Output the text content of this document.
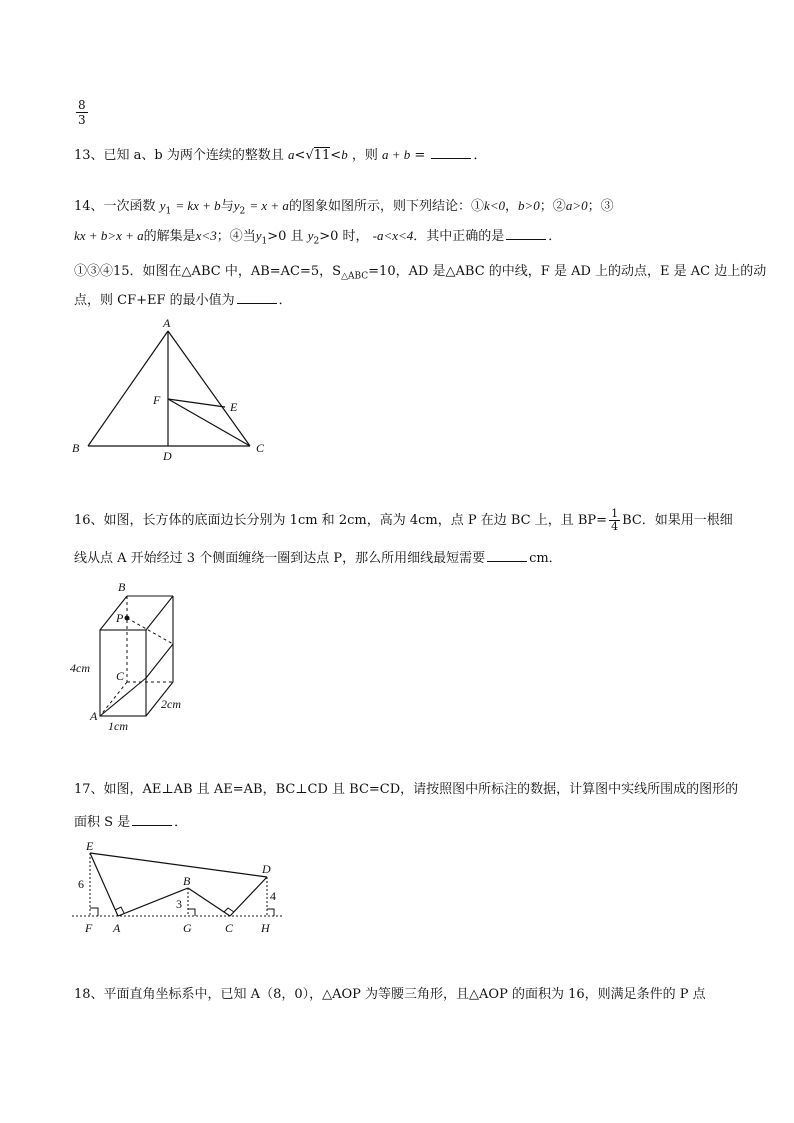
$\frac{8}{3}$
13、已知 a、b 为两个连续的整数且 a<√11<b ，则 a + b =	．
14、一次函数 $y_1$ = kx + b与$y_2 = x + a$的图象如图所示，则下列结论：①k<0，b>0；②a>0；③
kx + b>x + a的解集是x<3；④当$y_1>0$ 且 $y_2>0$ 时， -a<x<4．其中正确的是	．
①③④15．如图在△ABC 中，AB=AC=5，$S_{\triangle ABC}=10$，AD 是△ABC 的中线，F 是 AD 上的动点，E 是 AC 边上的动
点，则 CF+EF 的最小值为	．
A
B	C
D
E
F
16、如图，长方体的底面边长分别为 1cm 和 2cm，高为 4cm，点 P 在边 BC 上，且 $BP= \frac{1}{4}$ BC．如果用一根细
线从点 A 开始经过 3 个侧面缠绕一圈到达点 P，那么所用细线最短需要	cm．
B
P
C
A
4cm
1cm
2cm
17、如图，AE⊥AB 且 AE=AB，BC⊥CD 且 BC=CD，请按照图中所标注的数据，计算图中实线所围成的图形的
面积 S 是	．
E
D
B
F A	G	C H
6
3
4
18、平面直角坐标系中，已知 A（8，0），△AOP 为等腰三角形，且△AOP 的面积为 16，则满足条件的 P 点
